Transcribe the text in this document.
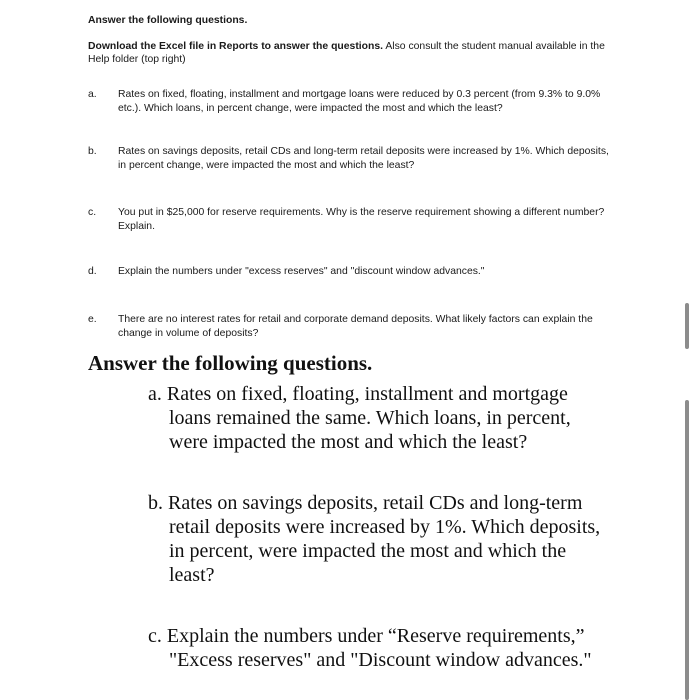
Answer the following questions.

Download the Excel file in Reports to answer the questions. Also consult the student manual available in the Help folder (top right)

a.	Rates on fixed, floating, installment and mortgage loans were reduced by 0.3 percent (from 9.3% to 9.0% etc.). Which loans, in percent change, were impacted the most and which the least?
b.	Rates on savings deposits, retail CDs and long-term retail deposits were increased by 1%. Which deposits, in percent change, were impacted the most and which the least?
c.	You put in $25,000 for reserve requirements. Why is the reserve requirement showing a different number? Explain.
d.	Explain the numbers under "excess reserves" and "discount window advances."
e.	There are no interest rates for retail and corporate demand deposits. What likely factors can explain the change in volume of deposits?
Answer the following questions.
a. Rates on fixed, floating, installment and mortgage
loans remained the same. Which loans, in percent,
were impacted the most and which the least?
b. Rates on savings deposits, retail CDs and long-term
retail deposits were increased by 1%. Which deposits,
in percent, were impacted the most and which the
least?
c. Explain the numbers under “Reserve requirements,”
"Excess reserves" and "Discount window advances."
